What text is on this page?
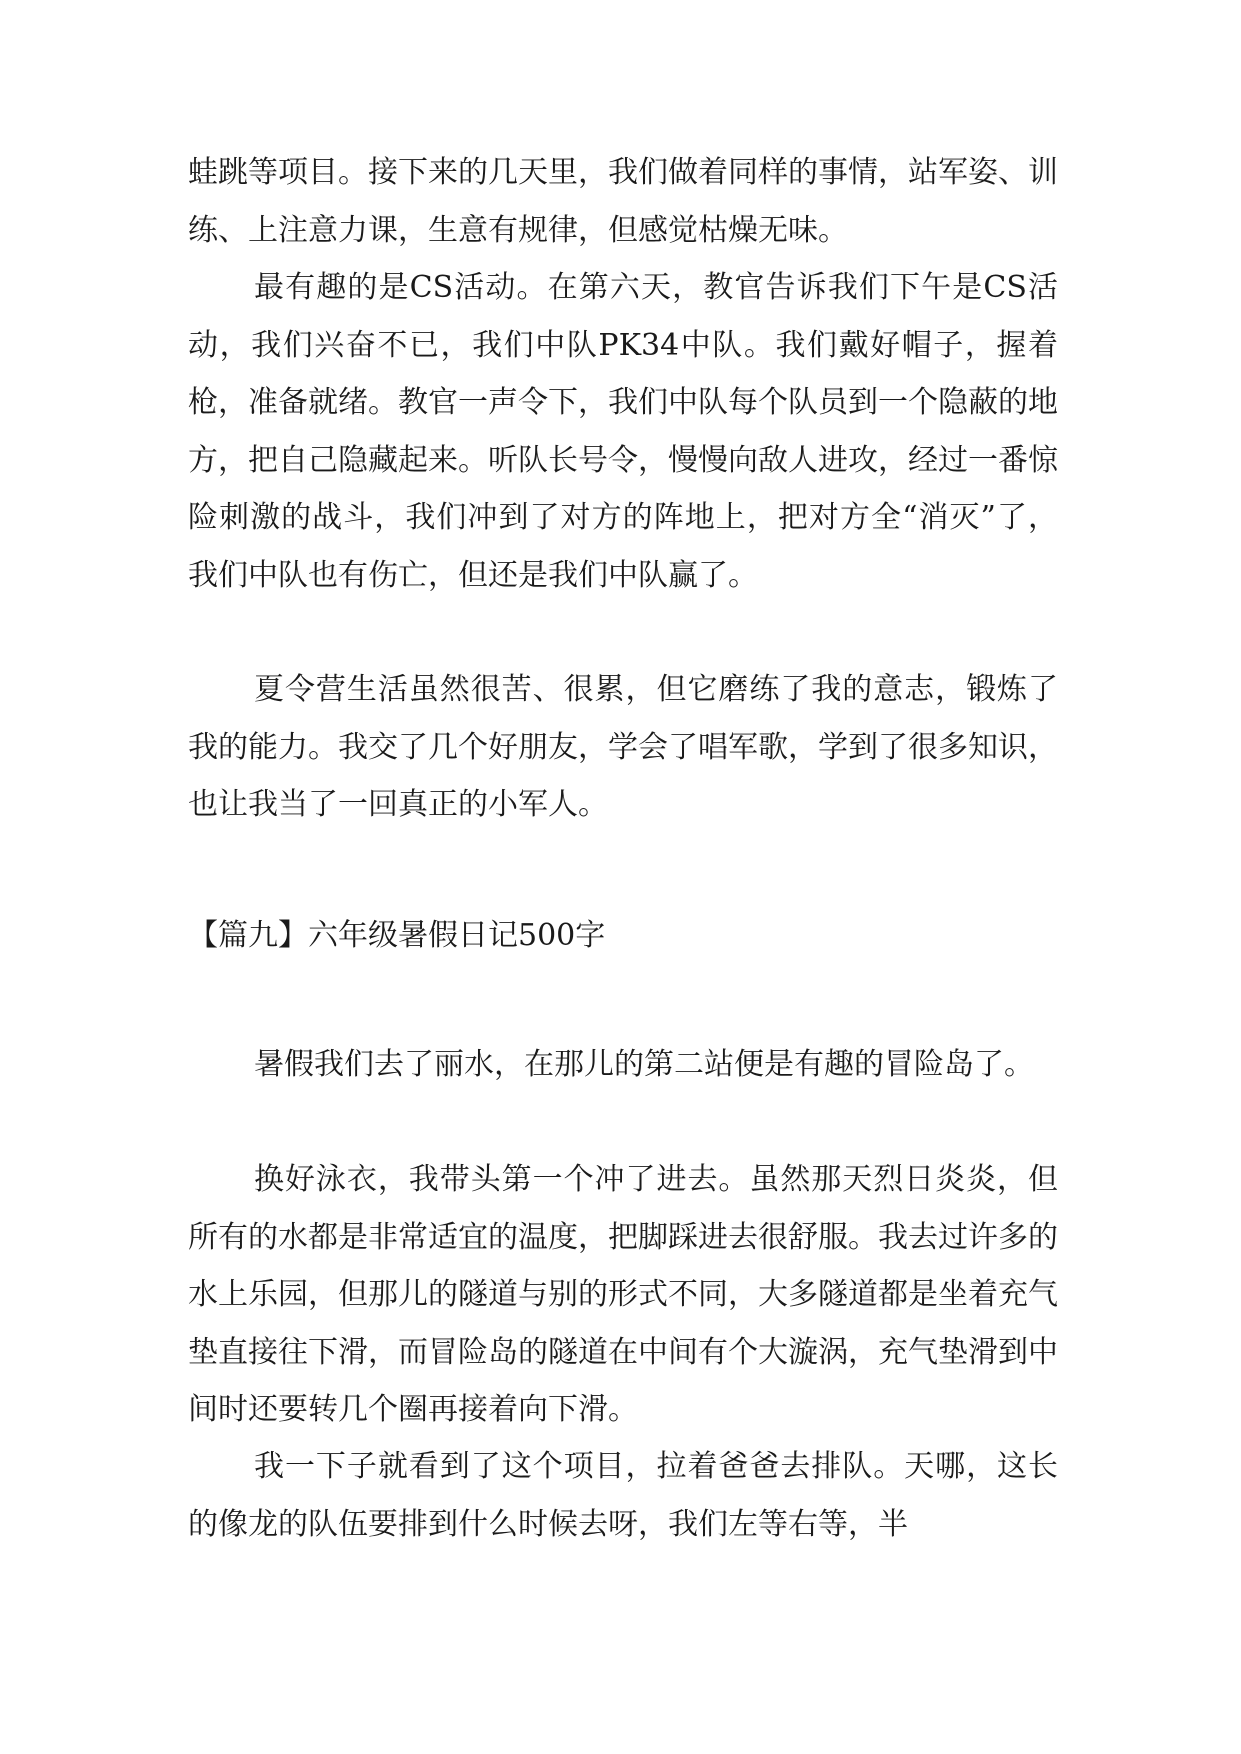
蛙跳等项目。接下来的几天里，我们做着同样的事情，站军姿、训练、上注意力课，生意有规律，但感觉枯燥无味。

最有趣的是CS活动。在第六天，教官告诉我们下午是CS活动，我们兴奋不已，我们中队PK34中队。我们戴好帽子，握着枪，准备就绪。教官一声令下，我们中队每个队员到一个隐蔽的地方，把自己隐藏起来。听队长号令，慢慢向敌人进攻，经过一番惊险刺激的战斗，我们冲到了对方的阵地上，把对方全“消灭”了，我们中队也有伤亡，但还是我们中队赢了。

夏令营生活虽然很苦、很累，但它磨练了我的意志，锻炼了我的能力。我交了几个好朋友，学会了唱军歌，学到了很多知识，也让我当了一回真正的小军人。

【篇九】六年级暑假日记500字

暑假我们去了丽水，在那儿的第二站便是有趣的冒险岛了。

换好泳衣，我带头第一个冲了进去。虽然那天烈日炎炎，但所有的水都是非常适宜的温度，把脚踩进去很舒服。我去过许多的水上乐园，但那儿的隧道与别的形式不同，大多隧道都是坐着充气垫直接往下滑，而冒险岛的隧道在中间有个大漩涡，充气垫滑到中间时还要转几个圈再接着向下滑。

我一下子就看到了这个项目，拉着爸爸去排队。天哪，这长的像龙的队伍要排到什么时候去呀，我们左等右等，半
